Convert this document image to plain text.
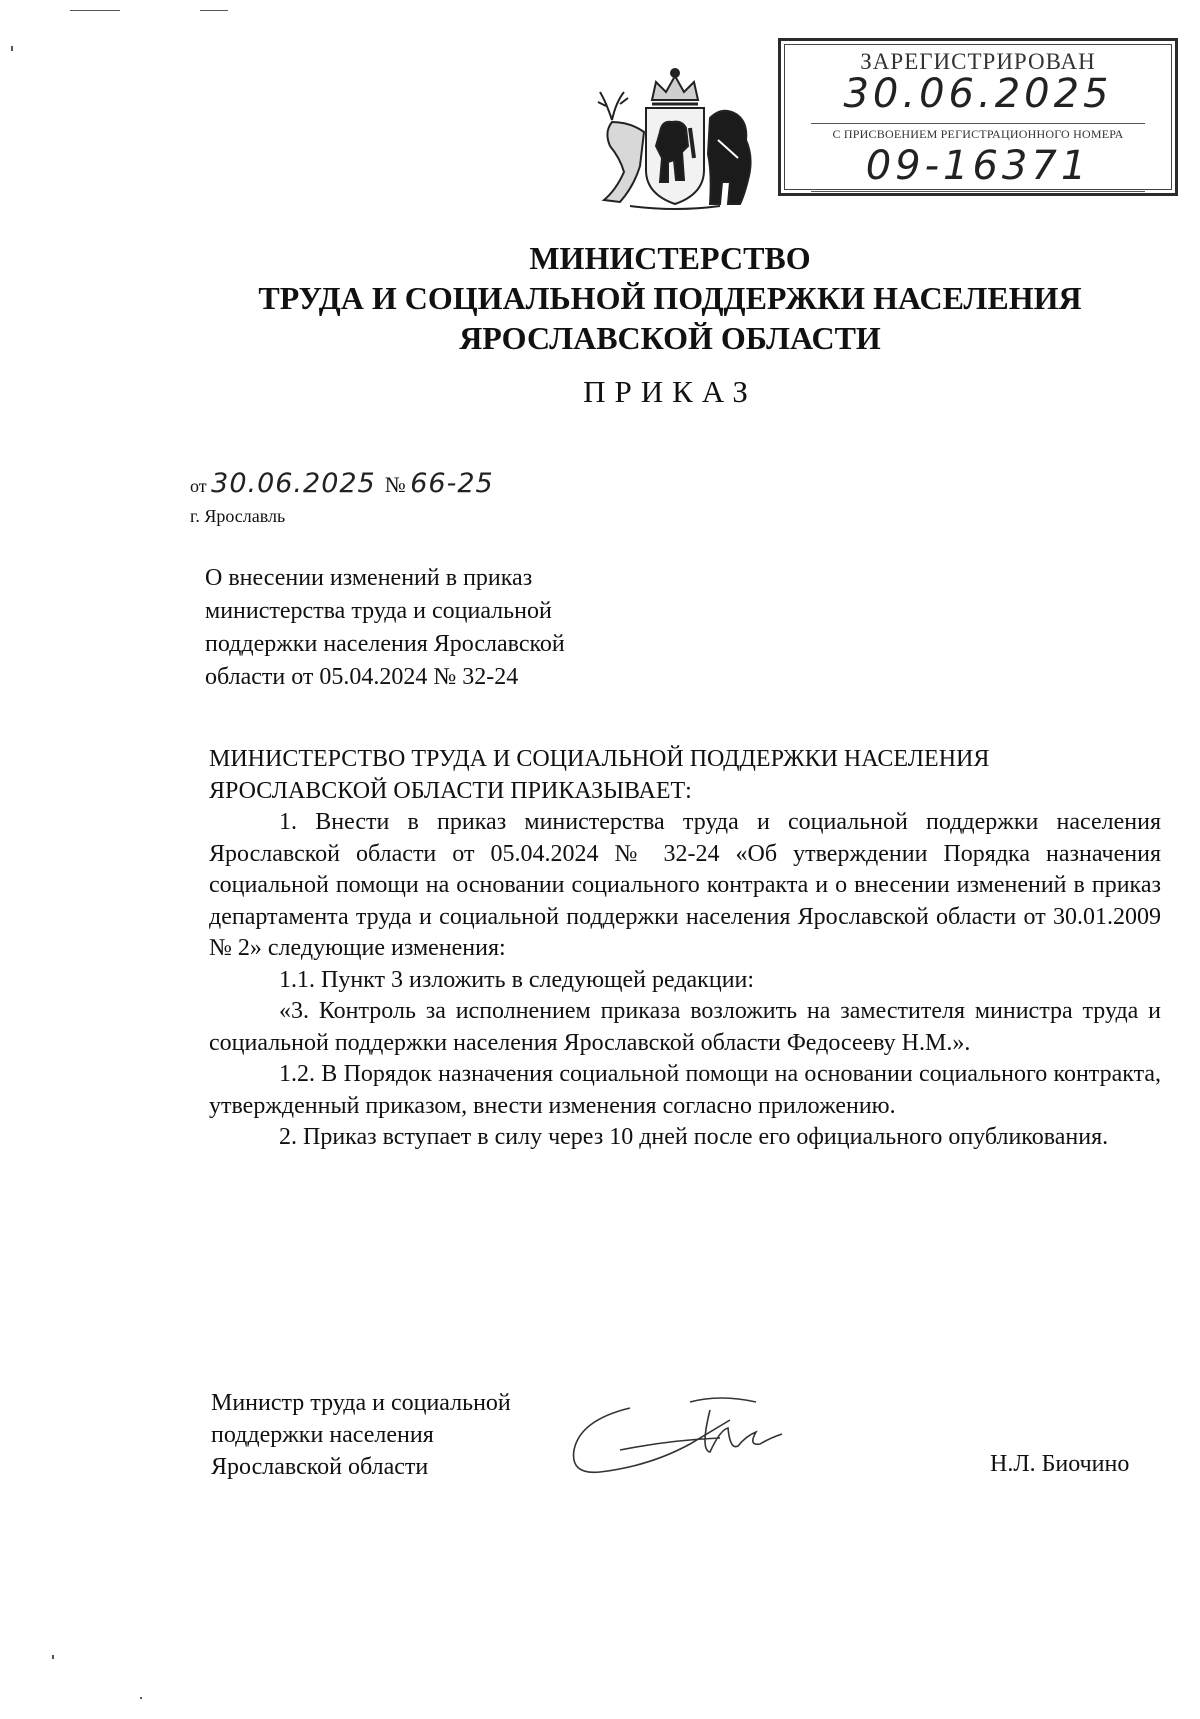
ЗАРЕГИСТРИРОВАН
30.06.2025
С ПРИСВОЕНИЕМ РЕГИСТРАЦИОННОГО НОМЕРА
09-16371
МИНИСТЕРСТВО
ТРУДА И СОЦИАЛЬНОЙ ПОДДЕРЖКИ НАСЕЛЕНИЯ
ЯРОСЛАВСКОЙ ОБЛАСТИ
ПРИКАЗ
от 30.06.2025 № 66-25
г. Ярославль
О внесении изменений в приказ
министерства труда и социальной
поддержки населения Ярославской
области от 05.04.2024 № 32-24

МИНИСТЕРСТВО ТРУДА И СОЦИАЛЬНОЙ ПОДДЕРЖКИ НАСЕЛЕНИЯ ЯРОСЛАВСКОЙ ОБЛАСТИ ПРИКАЗЫВАЕТ:

1. Внести в приказ министерства труда и социальной поддержки населения Ярославской области от 05.04.2024 № 32-24 «Об утверждении Порядка назначения социальной помощи на основании социального контракта и о внесении изменений в приказ департамента труда и социальной поддержки населения Ярославской области от 30.01.2009 № 2» следующие изменения:

1.1. Пункт 3 изложить в следующей редакции:

«3. Контроль за исполнением приказа возложить на заместителя министра труда и социальной поддержки населения Ярославской области Федосееву Н.М.».

1.2. В Порядок назначения социальной помощи на основании социального контракта, утвержденный приказом, внести изменения согласно приложению.

2. Приказ вступает в силу через 10 дней после его официального опубликования.

Министр труда и социальной
поддержки населения
Ярославской области	Н.Л. Биочино
